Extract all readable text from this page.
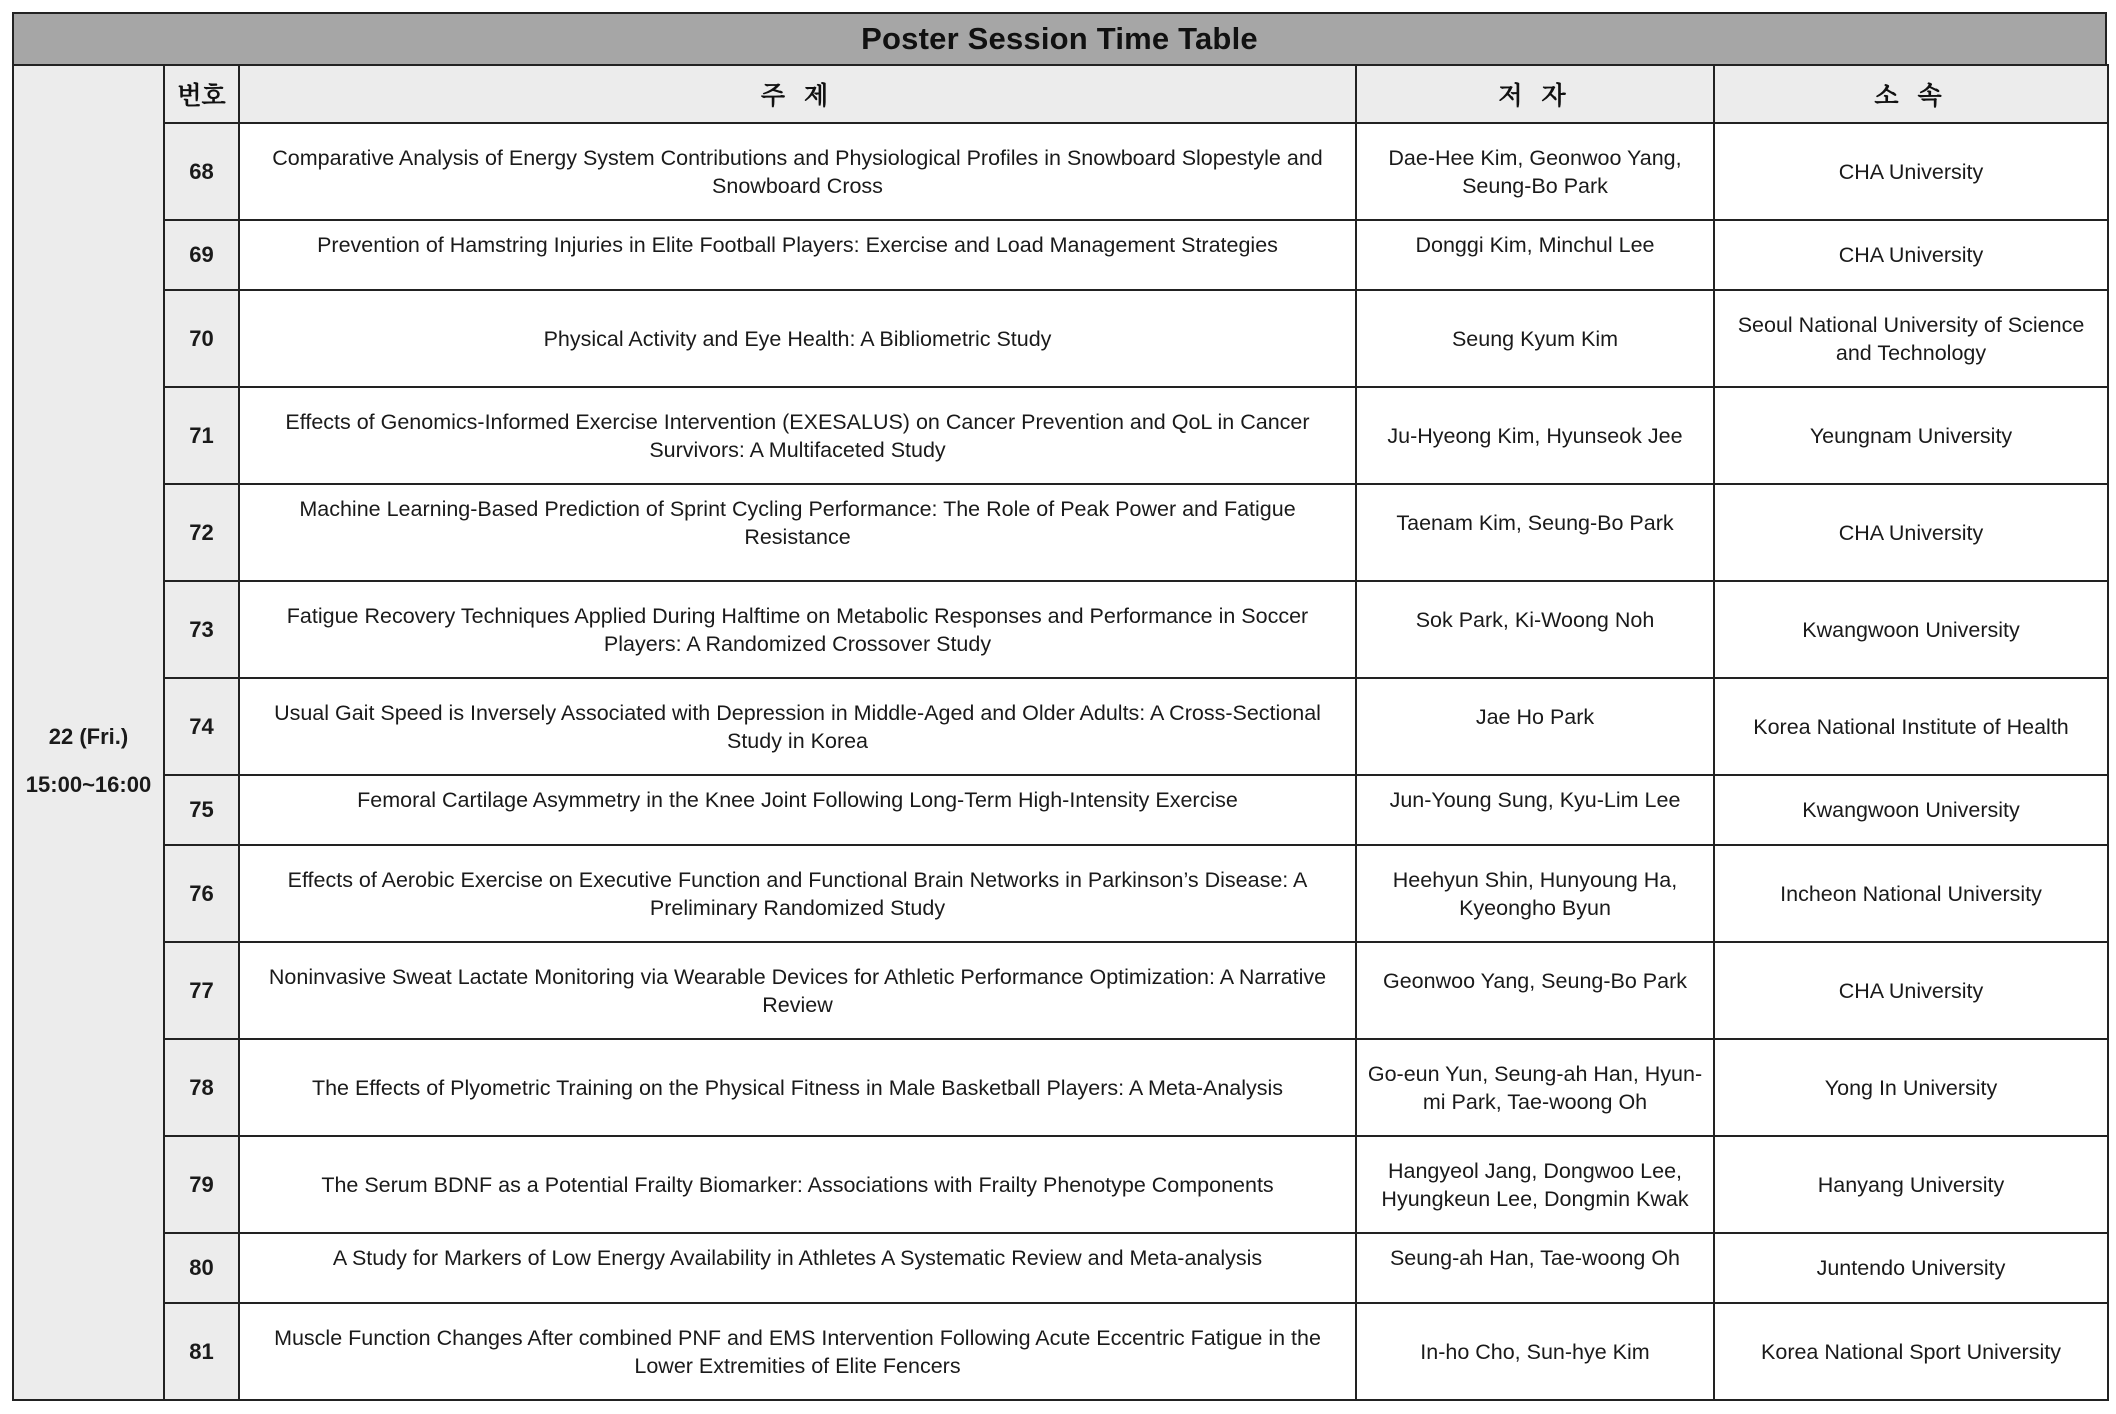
Poster Session Time Table
	번호	주 제	저 자	소 속

22 (Fri.)
15:00~16:00	68	Comparative Analysis of Energy System Contributions and Physiological Profiles in Snowboard Slopestyle and Snowboard Cross	Dae-Hee Kim, Geonwoo Yang, Seung-Bo Park	CHA University
	69	Prevention of Hamstring Injuries in Elite Football Players: Exercise and Load Management Strategies	Donggi Kim, Minchul Lee	CHA University
	70	Physical Activity and Eye Health: A Bibliometric Study	Seung Kyum Kim	Seoul National University of Science and Technology
	71	Effects of Genomics-Informed Exercise Intervention (EXESALUS) on Cancer Prevention and QoL in Cancer Survivors: A Multifaceted Study	Ju-Hyeong Kim, Hyunseok Jee	Yeungnam University
	72	Machine Learning-Based Prediction of Sprint Cycling Performance: The Role of Peak Power and Fatigue Resistance	Taenam Kim, Seung-Bo Park	CHA University
	73	Fatigue Recovery Techniques Applied During Halftime on Metabolic Responses and Performance in Soccer Players: A Randomized Crossover Study	Sok Park, Ki-Woong Noh	Kwangwoon University
	74	Usual Gait Speed is Inversely Associated with Depression in Middle-Aged and Older Adults: A Cross-Sectional Study in Korea	Jae Ho Park	Korea National Institute of Health
	75	Femoral Cartilage Asymmetry in the Knee Joint Following Long-Term High-Intensity Exercise	Jun-Young Sung, Kyu-Lim Lee	Kwangwoon University
	76	Effects of Aerobic Exercise on Executive Function and Functional Brain Networks in Parkinson’s Disease: A Preliminary Randomized Study	Heehyun Shin, Hunyoung Ha, Kyeongho Byun	Incheon National University
	77	Noninvasive Sweat Lactate Monitoring via Wearable Devices for Athletic Performance Optimization: A Narrative Review	Geonwoo Yang, Seung-Bo Park	CHA University
	78	The Effects of Plyometric Training on the Physical Fitness in Male Basketball Players: A Meta-Analysis	Go-eun Yun, Seung-ah Han, Hyun-mi Park, Tae-woong Oh	Yong In University
	79	The Serum BDNF as a Potential Frailty Biomarker: Associations with Frailty Phenotype Components	Hangyeol Jang, Dongwoo Lee, Hyungkeun Lee, Dongmin Kwak	Hanyang University
	80	A Study for Markers of Low Energy Availability in Athletes A Systematic Review and Meta-analysis	Seung-ah Han, Tae-woong Oh	Juntendo University
	81	Muscle Function Changes After combined PNF and EMS Intervention Following Acute Eccentric Fatigue in the Lower Extremities of Elite Fencers	In-ho Cho, Sun-hye Kim	Korea National Sport University
